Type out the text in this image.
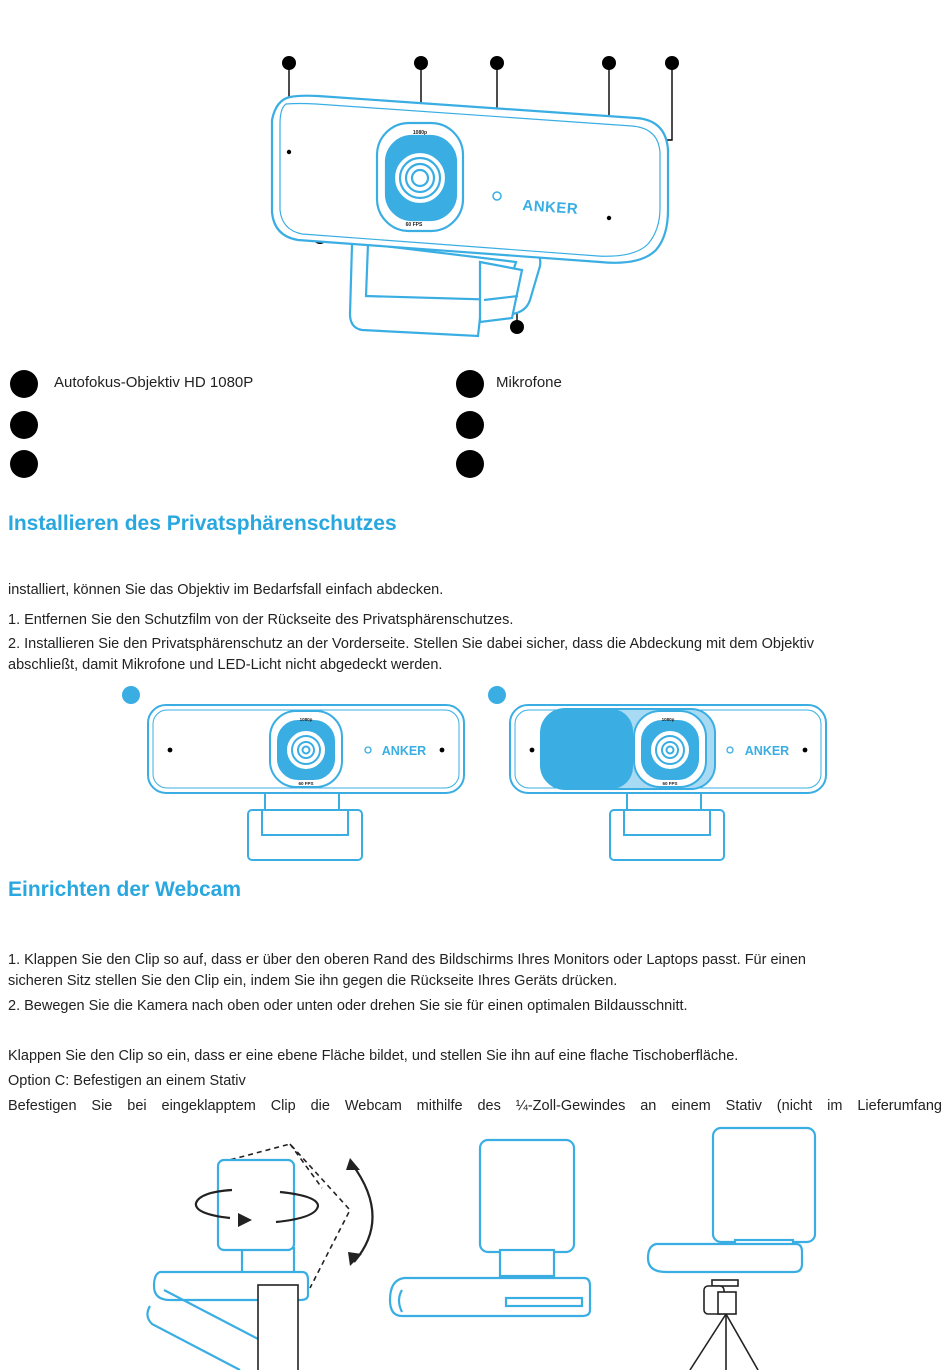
1080p
60 FPS
ANKER
Autofokus-Objektiv HD 1080P	Mikrofone
Installieren des Privatsphärenschutzes
installiert, können Sie das Objektiv im Bedarfsfall einfach abdecken.
1. Entfernen Sie den Schutzfilm von der Rückseite des Privatsphärenschutzes.
2. Installieren Sie den Privatsphärenschutz an der Vorderseite. Stellen Sie dabei sicher, dass die Abdeckung mit dem Objektiv
abschließt, damit Mikrofone und LED-Licht nicht abgedeckt werden.
1080p
60 FPS
ANKER
1080p
60 FPS
ANKER
Einrichten der Webcam
1. Klappen Sie den Clip so auf, dass er über den oberen Rand des Bildschirms Ihres Monitors oder Laptops passt. Für einen
sicheren Sitz stellen Sie den Clip ein, indem Sie ihn gegen die Rückseite Ihres Geräts drücken.
2. Bewegen Sie die Kamera nach oben oder unten oder drehen Sie sie für einen optimalen Bildausschnitt.
Klappen Sie den Clip so ein, dass er eine ebene Fläche bildet, und stellen Sie ihn auf eine flache Tischoberfläche.
Option C: Befestigen an einem Stativ
Befestigen Sie bei eingeklapptem Clip die Webcam mithilfe des ¼-Zoll-Gewindes an einem Stativ (nicht im Lieferumfang
